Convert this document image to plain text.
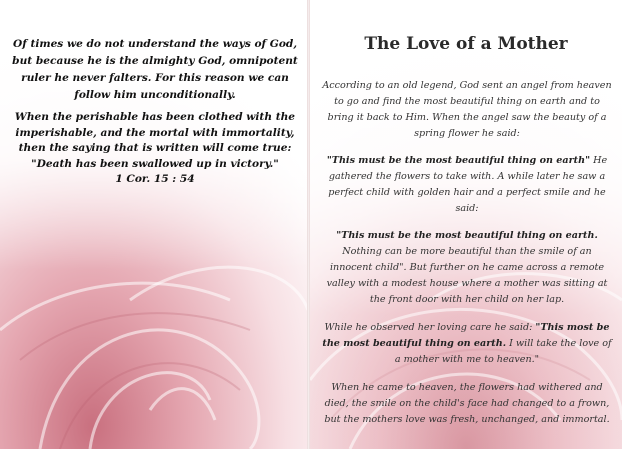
Of times we do not understand the ways of God, but because he is the almighty God, omnipotent ruler he never falters. For this reason we can follow him unconditionally.
When the perishable has been clothed with the imperishable, and the mortal with immortality, then the saying that is written will come true: "Death has been swallowed up in victory."
1 Cor. 15 : 54
The Love of a Mother
According to an old legend, God sent an angel from heaven to go and find the most beautiful thing on earth and to bring it back to Him. When the angel saw the beauty of a spring flower he said:
"This must be the most beautiful thing on earth" He gathered the flowers to take with. A while later he saw a perfect child with golden hair and a perfect smile and he said:
"This must be the most beautiful thing on earth. Nothing can be more beautiful than the smile of an innocent child". But further on he came across a remote valley with a modest house where a mother was sitting at the front door with her child on her lap.
While he observed her loving care he said: "This most be the most beautiful thing on earth. I will take the love of a mother with me to heaven."
When he came to heaven, the flowers had withered and died, the smile on the child's face had changed to a frown, but the mothers love was fresh, unchanged, and immortal.
